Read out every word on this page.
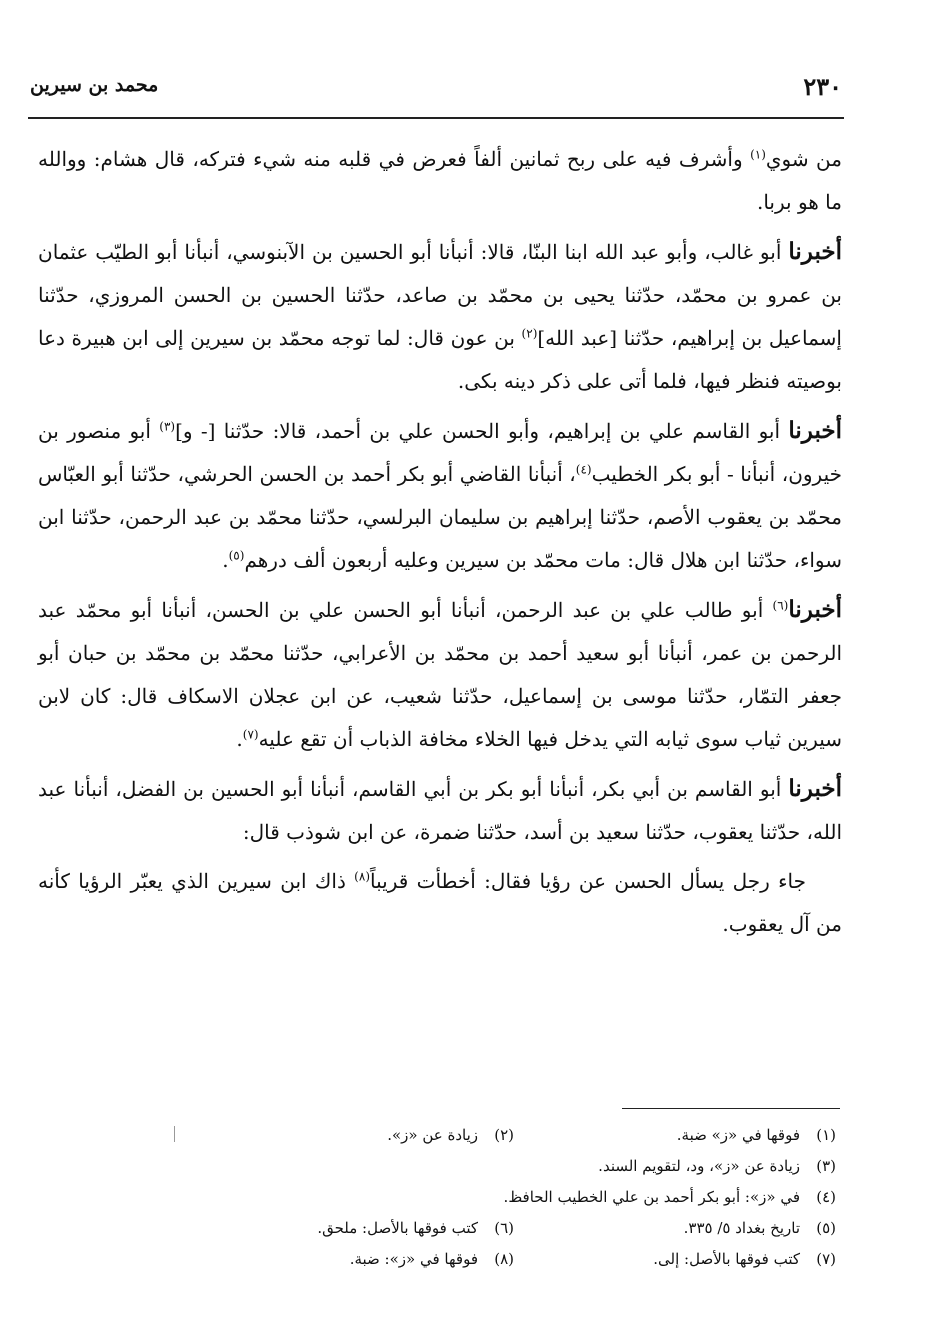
٢٣٠
محمد بن سيرين

من شوي$^{(١)}$ وأشرف فيه على ربح ثمانين ألفاً فعرض في قلبه منه شيء فتركه، قال هشام: ووالله ما هو بربا.

أخبرنا أبو غالب، وأبو عبد الله ابنا البنّا، قالا: أنبأنا أبو الحسين بن الآبنوسي، أنبأنا أبو الطيّب عثمان بن عمرو بن محمّد، حدّثنا يحيى بن محمّد بن صاعد، حدّثنا الحسين بن الحسن المروزي، حدّثنا إسماعيل بن إبراهيم، حدّثنا [عبد الله]$^{(٢)}$ بن عون قال: لما توجه محمّد بن سيرين إلى ابن هبيرة دعا بوصيته فنظر فيها، فلما أتى على ذكر دينه بكى.

أخبرنا أبو القاسم علي بن إبراهيم، وأبو الحسن علي بن أحمد، قالا: حدّثنا [- و]$^{(٣)}$ أبو منصور بن خيرون، أنبأنا - أبو بكر الخطيب$^{(٤)}$، أنبأنا القاضي أبو بكر أحمد بن الحسن الحرشي، حدّثنا أبو العبّاس محمّد بن يعقوب الأصم، حدّثنا إبراهيم بن سليمان البرلسي، حدّثنا محمّد بن عبد الرحمن، حدّثنا ابن سواء، حدّثنا ابن هلال قال: مات محمّد بن سيرين وعليه أربعون ألف درهم$^{(٥)}$.

أخبرنا$^{(٦)}$ أبو طالب علي بن عبد الرحمن، أنبأنا أبو الحسن علي بن الحسن، أنبأنا أبو محمّد عبد الرحمن بن عمر، أنبأنا أبو سعيد أحمد بن محمّد بن الأعرابي، حدّثنا محمّد بن محمّد بن حبان أبو جعفر التمّار، حدّثنا موسى بن إسماعيل، حدّثنا شعيب، عن ابن عجلان الاسكاف قال: كان لابن سيرين ثياب سوى ثيابه التي يدخل فيها الخلاء مخافة الذباب أن تقع عليه$^{(٧)}$.

أخبرنا أبو القاسم بن أبي بكر، أنبأنا أبو بكر بن أبي القاسم، أنبأنا أبو الحسين بن الفضل، أنبأنا عبد الله، حدّثنا يعقوب، حدّثنا سعيد بن أسد، حدّثنا ضمرة، عن ابن شوذب قال:

جاء رجل يسأل الحسن عن رؤيا فقال: أخطأت قريباً$^{(٨)}$ ذاك ابن سيرين الذي يعبّر الرؤيا كأنه من آل يعقوب.

(١)فوقها في «ز» ضبة.
(٢)زيادة عن «ز».
(٣)زيادة عن «ز»، ود، لتقويم السند.
(٤)في «ز»: أبو بكر أحمد بن علي الخطيب الحافظ.
(٥)تاريخ بغداد ٥/ ٣٣٥.
(٦)كتب فوقها بالأصل: ملحق.
(٧)كتب فوقها بالأصل: إلى.
(٨)فوقها في «ز»: ضبة.
